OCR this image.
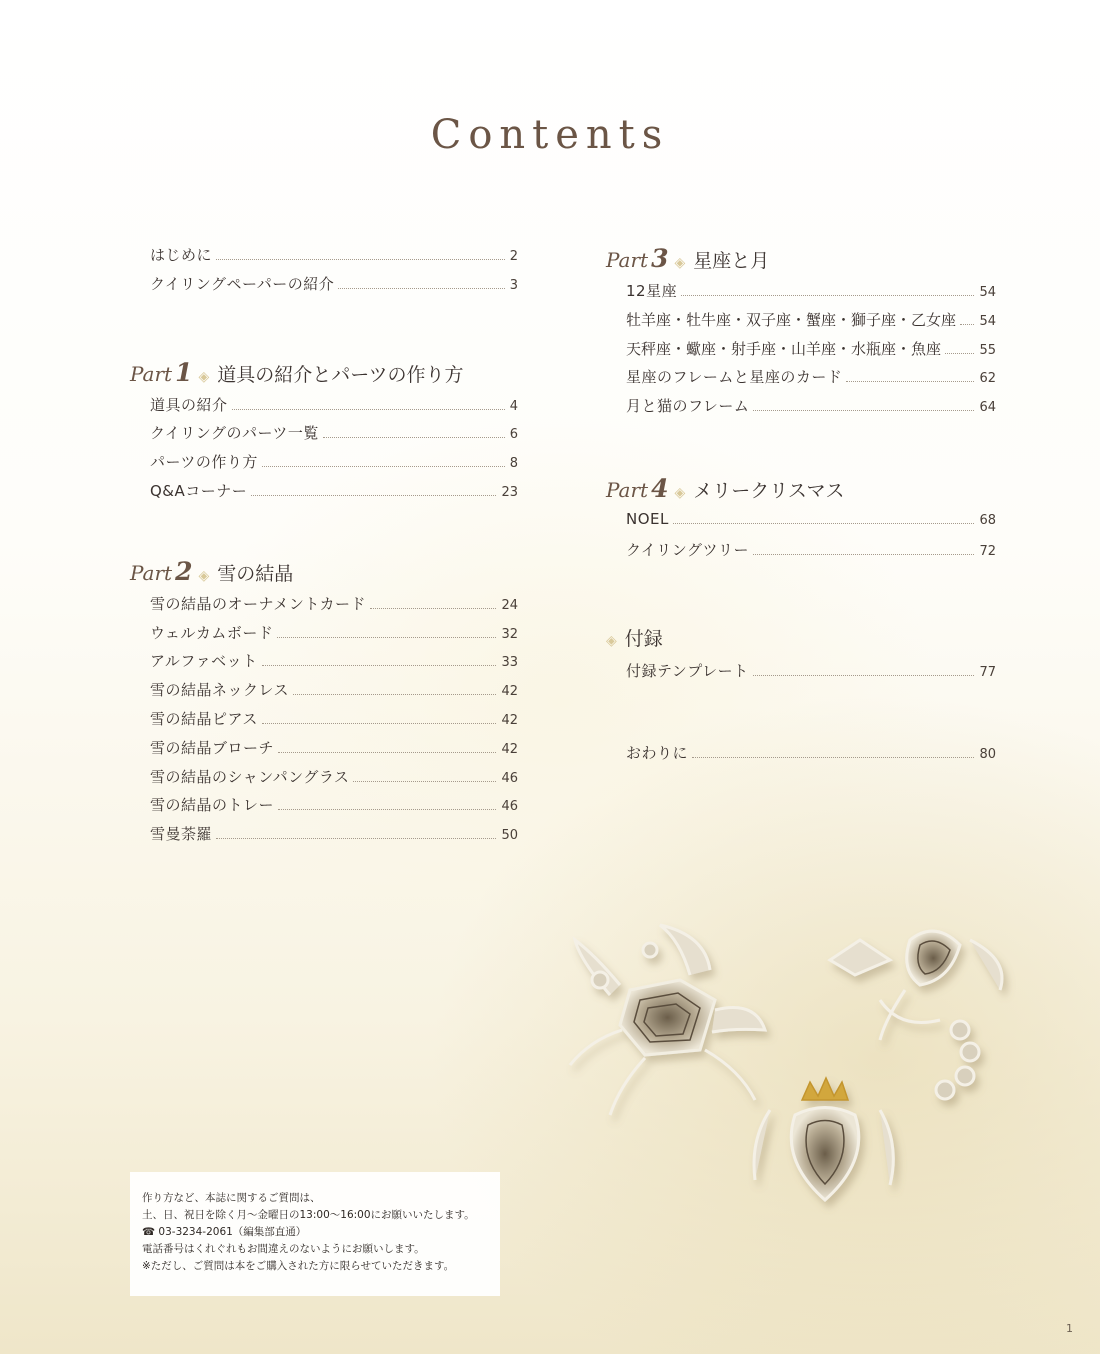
Contents
はじめに	2
クイリングペーパーの紹介	3
Part 1 ◈ 道具の紹介とパーツの作り方
道具の紹介	4
クイリングのパーツ一覧	6
パーツの作り方	8
Q&Aコーナー	23
Part 2 ◈ 雪の結晶
雪の結晶のオーナメントカード	24
ウェルカムボード	32
アルファベット	33
雪の結晶ネックレス	42
雪の結晶ピアス	42
雪の結晶ブローチ	42
雪の結晶のシャンパングラス	46
雪の結晶のトレー	46
雪曼荼羅	50
Part 3 ◈ 星座と月
12星座	54
牡羊座・牡牛座・双子座・蟹座・獅子座・乙女座 54
天秤座・蠍座・射手座・山羊座・水瓶座・魚座	55
星座のフレームと星座のカード	62
月と猫のフレーム	64
Part 4 ◈ メリークリスマス
NOEL	68
クイリングツリー	72
◈ 付録
付録テンプレート	77
おわりに	80
作り方など、本誌に関するご質問は、
土、日、祝日を除く月～金曜日の13:00～16:00にお願いいたします。
☎ 03-3234-2061（編集部直通）
電話番号はくれぐれもお間違えのないようにお願いします。
※ただし、ご質問は本をご購入された方に限らせていただきます。
1
